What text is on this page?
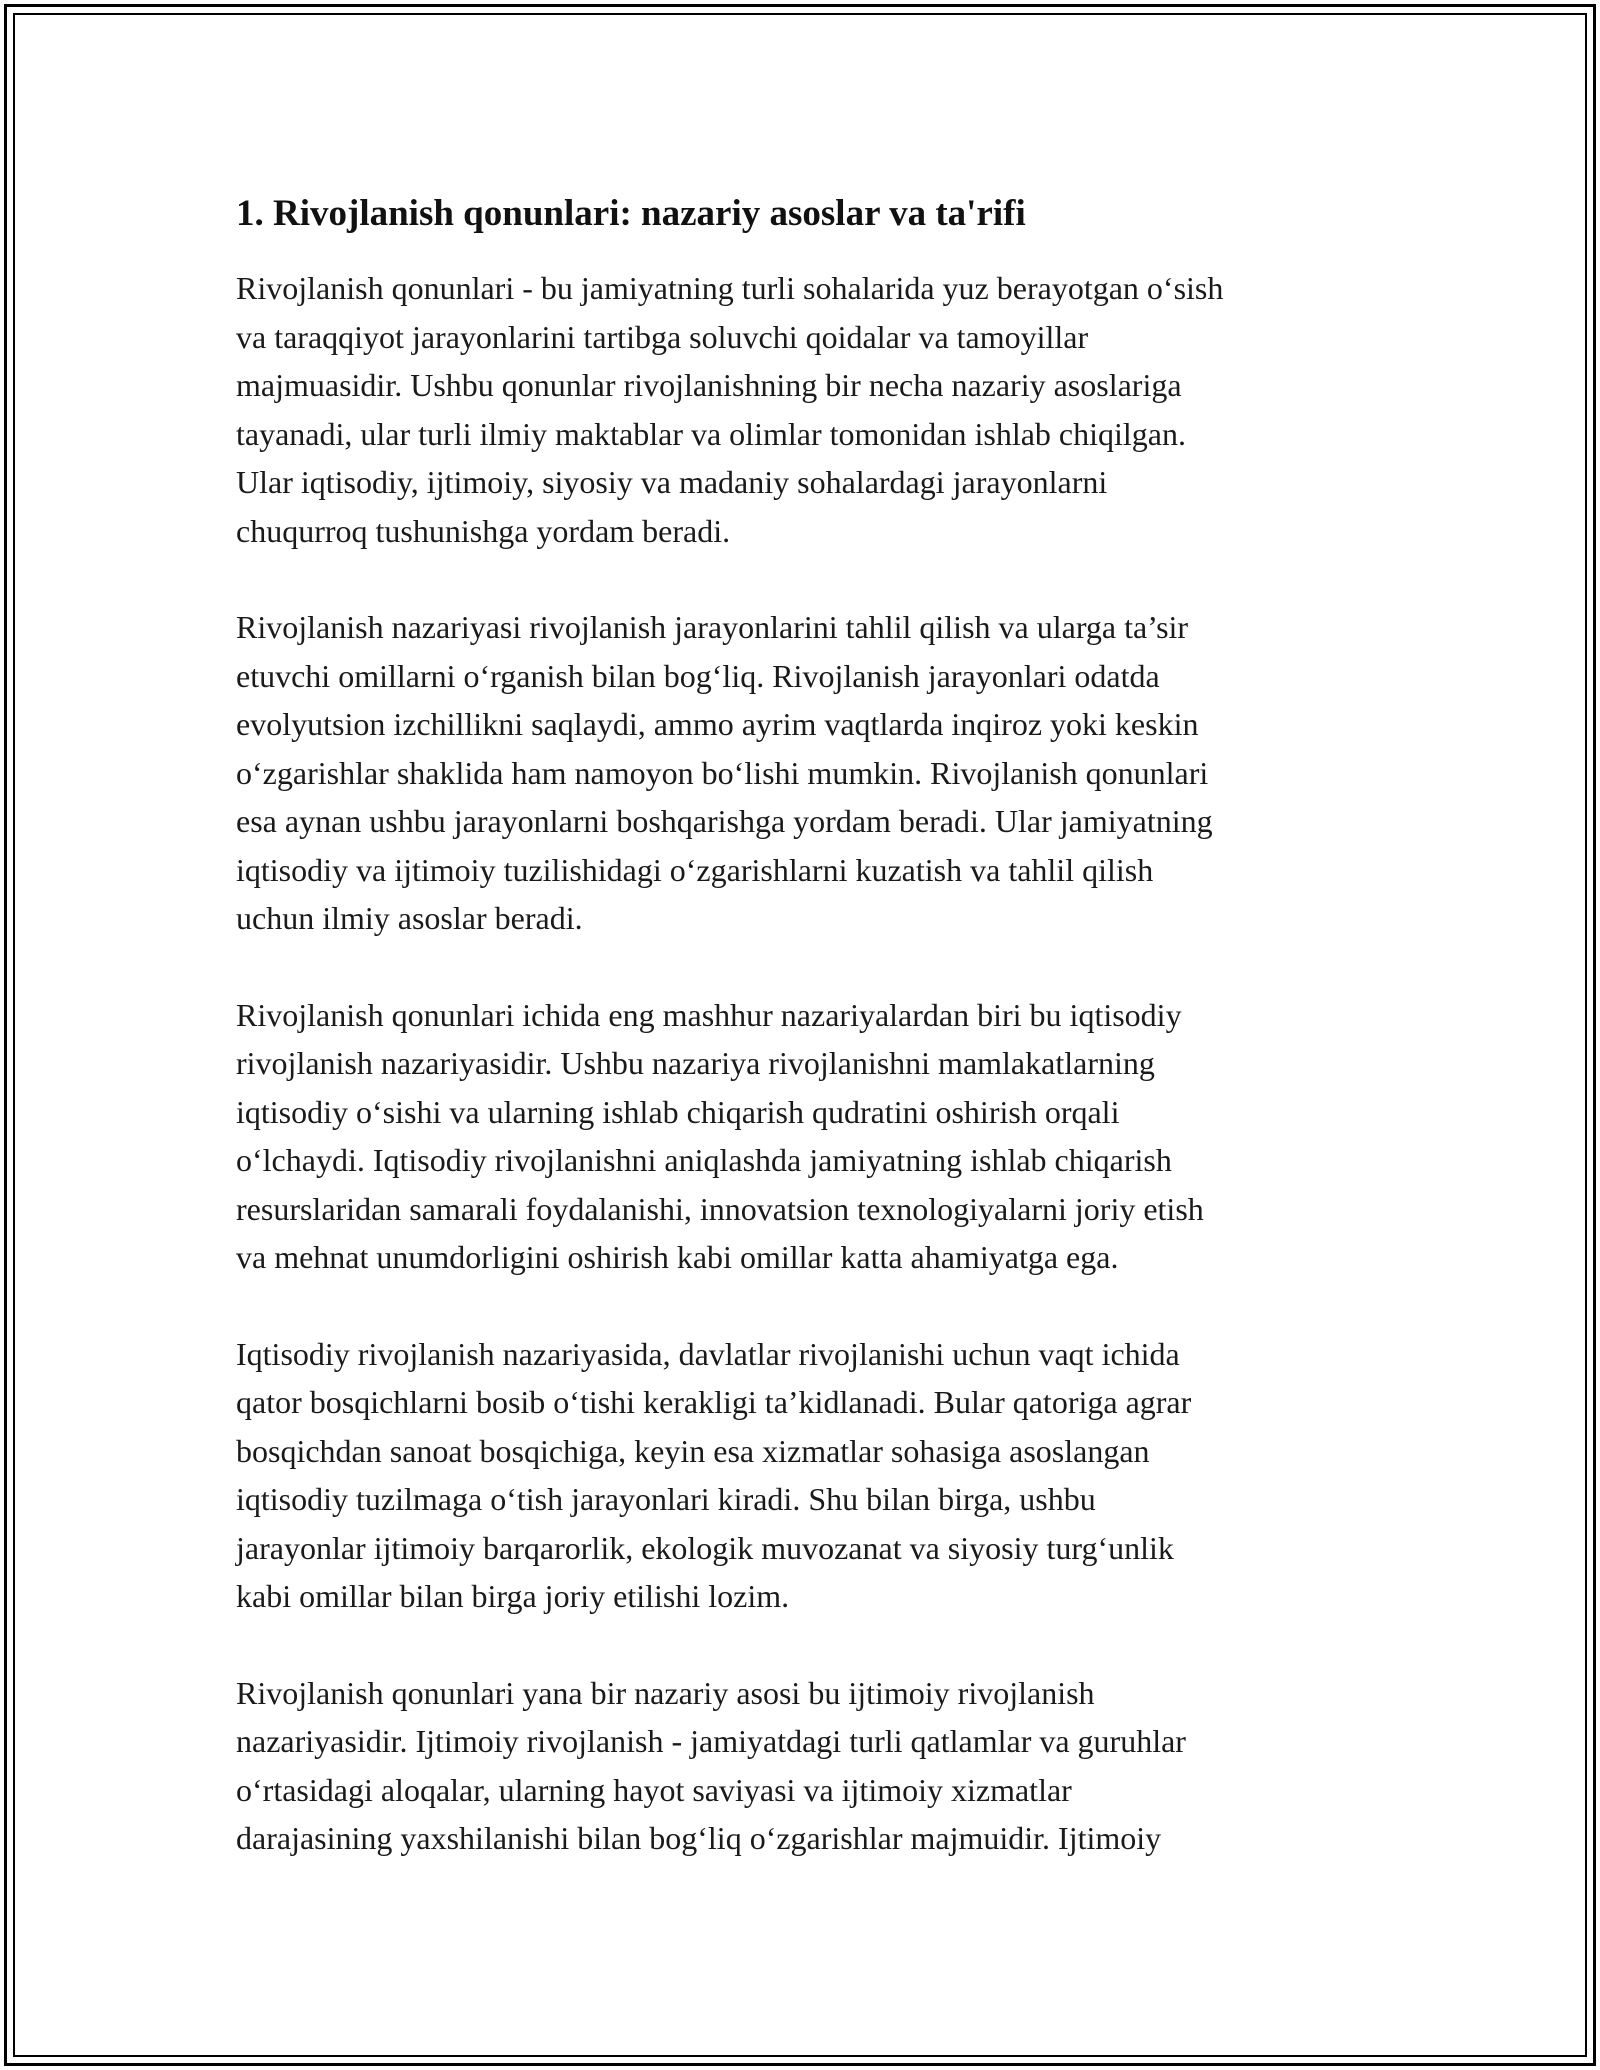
1. Rivojlanish qonunlari: nazariy asoslar va ta'rifi

Rivojlanish qonunlari - bu jamiyatning turli sohalarida yuz berayotgan o‘sish
va taraqqiyot jarayonlarini tartibga soluvchi qoidalar va tamoyillar
majmuasidir. Ushbu qonunlar rivojlanishning bir necha nazariy asoslariga
tayanadi, ular turli ilmiy maktablar va olimlar tomonidan ishlab chiqilgan.
Ular iqtisodiy, ijtimoiy, siyosiy va madaniy sohalardagi jarayonlarni
chuqurroq tushunishga yordam beradi.

Rivojlanish nazariyasi rivojlanish jarayonlarini tahlil qilish va ularga ta’sir
etuvchi omillarni o‘rganish bilan bog‘liq. Rivojlanish jarayonlari odatda
evolyutsion izchillikni saqlaydi, ammo ayrim vaqtlarda inqiroz yoki keskin
o‘zgarishlar shaklida ham namoyon bo‘lishi mumkin. Rivojlanish qonunlari
esa aynan ushbu jarayonlarni boshqarishga yordam beradi. Ular jamiyatning
iqtisodiy va ijtimoiy tuzilishidagi o‘zgarishlarni kuzatish va tahlil qilish
uchun ilmiy asoslar beradi.

Rivojlanish qonunlari ichida eng mashhur nazariyalardan biri bu iqtisodiy
rivojlanish nazariyasidir. Ushbu nazariya rivojlanishni mamlakatlarning
iqtisodiy o‘sishi va ularning ishlab chiqarish qudratini oshirish orqali
o‘lchaydi. Iqtisodiy rivojlanishni aniqlashda jamiyatning ishlab chiqarish
resurslaridan samarali foydalanishi, innovatsion texnologiyalarni joriy etish
va mehnat unumdorligini oshirish kabi omillar katta ahamiyatga ega.

Iqtisodiy rivojlanish nazariyasida, davlatlar rivojlanishi uchun vaqt ichida
qator bosqichlarni bosib o‘tishi kerakligi ta’kidlanadi. Bular qatoriga agrar
bosqichdan sanoat bosqichiga, keyin esa xizmatlar sohasiga asoslangan
iqtisodiy tuzilmaga o‘tish jarayonlari kiradi. Shu bilan birga, ushbu
jarayonlar ijtimoiy barqarorlik, ekologik muvozanat va siyosiy turg‘unlik
kabi omillar bilan birga joriy etilishi lozim.

Rivojlanish qonunlari yana bir nazariy asosi bu ijtimoiy rivojlanish
nazariyasidir. Ijtimoiy rivojlanish - jamiyatdagi turli qatlamlar va guruhlar
o‘rtasidagi aloqalar, ularning hayot saviyasi va ijtimoiy xizmatlar
darajasining yaxshilanishi bilan bog‘liq o‘zgarishlar majmuidir. Ijtimoiy
